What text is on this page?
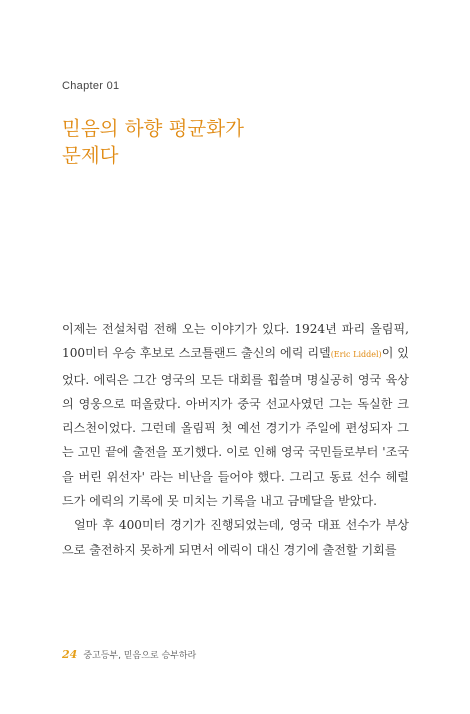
Chapter 01
믿음의 하향 평균화가
문제다

이제는 전설처럼 전해 오는 이야기가 있다. 1924년 파리 올림픽, 100미터 우승 후보로 스코틀랜드 출신의 에릭 리델(Eric Liddel)이 있었다. 에릭은 그간 영국의 모든 대회를 휩쓸며 명실공히 영국 육상의 영웅으로 떠올랐다. 아버지가 중국 선교사였던 그는 독실한 크리스천이었다. 그런데 올림픽 첫 예선 경기가 주일에 편성되자 그는 고민 끝에 출전을 포기했다. 이로 인해 영국 국민들로부터 '조국을 버린 위선자' 라는 비난을 들어야 했다. 그리고 동료 선수 헤럴드가 에릭의 기록에 못 미치는 기록을 내고 금메달을 받았다.

얼마 후 400미터 경기가 진행되었는데, 영국 대표 선수가 부상으로 출전하지 못하게 되면서 에릭이 대신 경기에 출전할 기회를

24 중고등부, 믿음으로 승부하라
